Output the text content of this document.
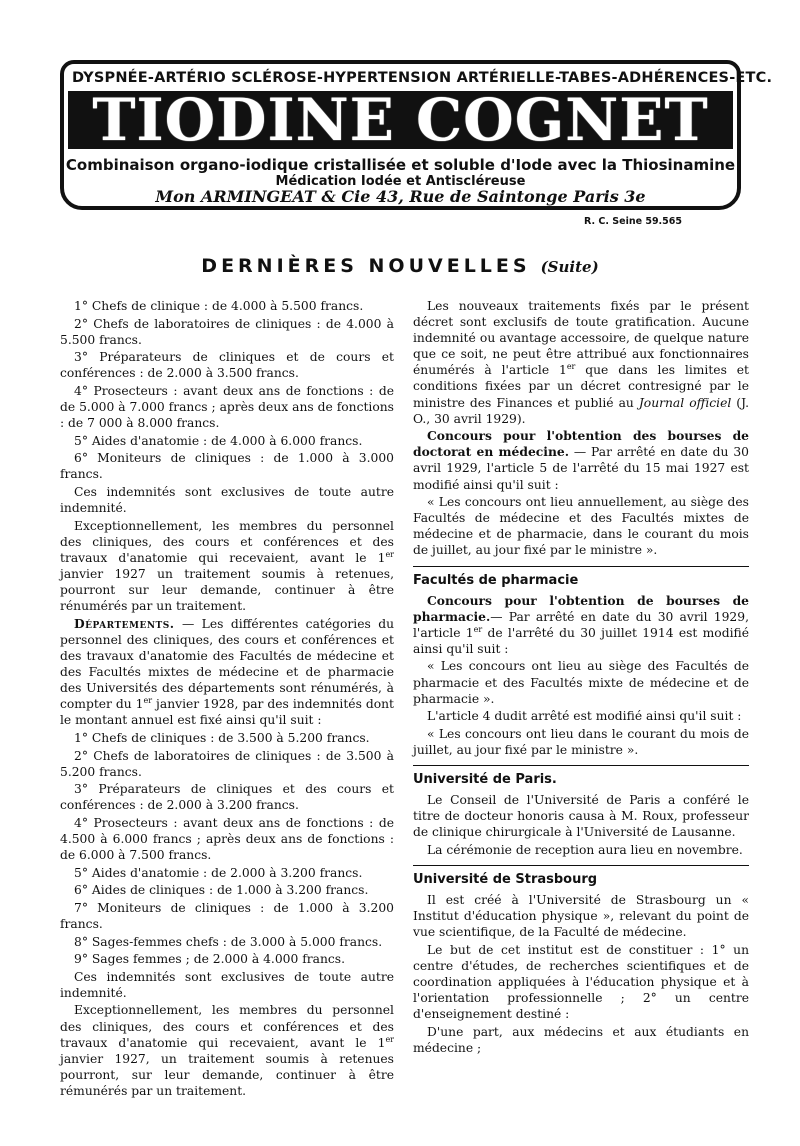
DYSPNÉE-ARTÉRIO SCLÉROSE-HYPERTENSION ARTÉRIELLE-TABES-ADHÉRENCES-ETC.
TIODINE COGNET
Combinaison organo-iodique cristallisée et soluble d'Iode avec la Thiosinamine
Médication Iodée et Antiscléreuse
Mon ARMINGEAT & Cie 43, Rue de Saintonge Paris 3e
R. C. Seine 59.565
DERNIÈRES NOUVELLES (Suite)

1° Chefs de clinique : de 4.000 à 5.500 francs.

2° Chefs de laboratoires de cliniques : de 4.000 à 5.500 francs.

3° Préparateurs de cliniques et de cours et conférences : de 2.000 à 3.500 francs.

4° Prosecteurs : avant deux ans de fonctions : de de 5.000 à 7.000 francs ; après deux ans de fonctions : de 7 000 à 8.000 francs.

5° Aides d'anatomie : de 4.000 à 6.000 francs.

6° Moniteurs de cliniques : de 1.000 à 3.000 francs.

Ces indemnités sont exclusives de toute autre indemnité.

Exceptionnellement, les membres du personnel des cliniques, des cours et conférences et des travaux d'anatomie qui recevaient, avant le 1er janvier 1927 un traitement soumis à retenues, pourront sur leur demande, continuer à être rénumérés par un traitement.

Départements. — Les différentes catégories du personnel des cliniques, des cours et conférences et des travaux d'anatomie des Facultés de médecine et des Facultés mixtes de médecine et de pharmacie des Universités des départements sont rénumérés, à compter du 1er janvier 1928, par des indemnités dont le montant annuel est fixé ainsi qu'il suit :

1° Chefs de cliniques : de 3.500 à 5.200 francs.

2° Chefs de laboratoires de cliniques : de 3.500 à 5.200 francs.

3° Préparateurs de cliniques et des cours et conférences : de 2.000 à 3.200 francs.

4° Prosecteurs : avant deux ans de fonctions : de 4.500 à 6.000 francs ; après deux ans de fonctions : de 6.000 à 7.500 francs.

5° Aides d'anatomie : de 2.000 à 3.200 francs.

6° Aides de cliniques : de 1.000 à 3.200 francs.

7° Moniteurs de cliniques : de 1.000 à 3.200 francs.

8° Sages-femmes chefs : de 3.000 à 5.000 francs.

9° Sages femmes ; de 2.000 à 4.000 francs.

Ces indemnités sont exclusives de toute autre indemnité.

Exceptionnellement, les membres du personnel des cliniques, des cours et conférences et des travaux d'anatomie qui recevaient, avant le 1er janvier 1927, un traitement soumis à retenues pourront, sur leur demande, continuer à être rémunérés par un traitement.

Les nouveaux traitements fixés par le présent décret sont exclusifs de toute gratification. Aucune indemnité ou avantage accessoire, de quelque nature que ce soit, ne peut être attribué aux fonctionnaires énumérés à l'article 1er que dans les limites et conditions fixées par un décret contresigné par le ministre des Finances et publié au Journal officiel (J. O., 30 avril 1929).

Concours pour l'obtention des bourses de doctorat en médecine. — Par arrêté en date du 30 avril 1929, l'article 5 de l'arrêté du 15 mai 1927 est modifié ainsi qu'il suit :

« Les concours ont lieu annuellement, au siège des Facultés de médecine et des Facultés mixtes de médecine et de pharmacie, dans le courant du mois de juillet, au jour fixé par le ministre ».

Facultés de pharmacie

Concours pour l'obtention de bourses de pharmacie.— Par arrêté en date du 30 avril 1929, l'article 1er de l'arrêté du 30 juillet 1914 est modifié ainsi qu'il suit :

« Les concours ont lieu au siège des Facultés de pharmacie et des Facultés mixte de médecine et de pharmacie ».

L'article 4 dudit arrêté est modifié ainsi qu'il suit :

« Les concours ont lieu dans le courant du mois de juillet, au jour fixé par le ministre ».

Université de Paris.

Le Conseil de l'Université de Paris a conféré le titre de docteur honoris causa à M. Roux, professeur de clinique chirurgicale à l'Université de Lausanne.

La cérémonie de reception aura lieu en novembre.

Université de Strasbourg

Il est créé à l'Université de Strasbourg un « Institut d'éducation physique », relevant du point de vue scientifique, de la Faculté de médecine.

Le but de cet institut est de constituer : 1° un centre d'études, de recherches scientifiques et de coordination appliquées à l'éducation physique et à l'orientation professionnelle ; 2° un centre d'enseignement destiné :

D'une part, aux médecins et aux étudiants en médecine ;
